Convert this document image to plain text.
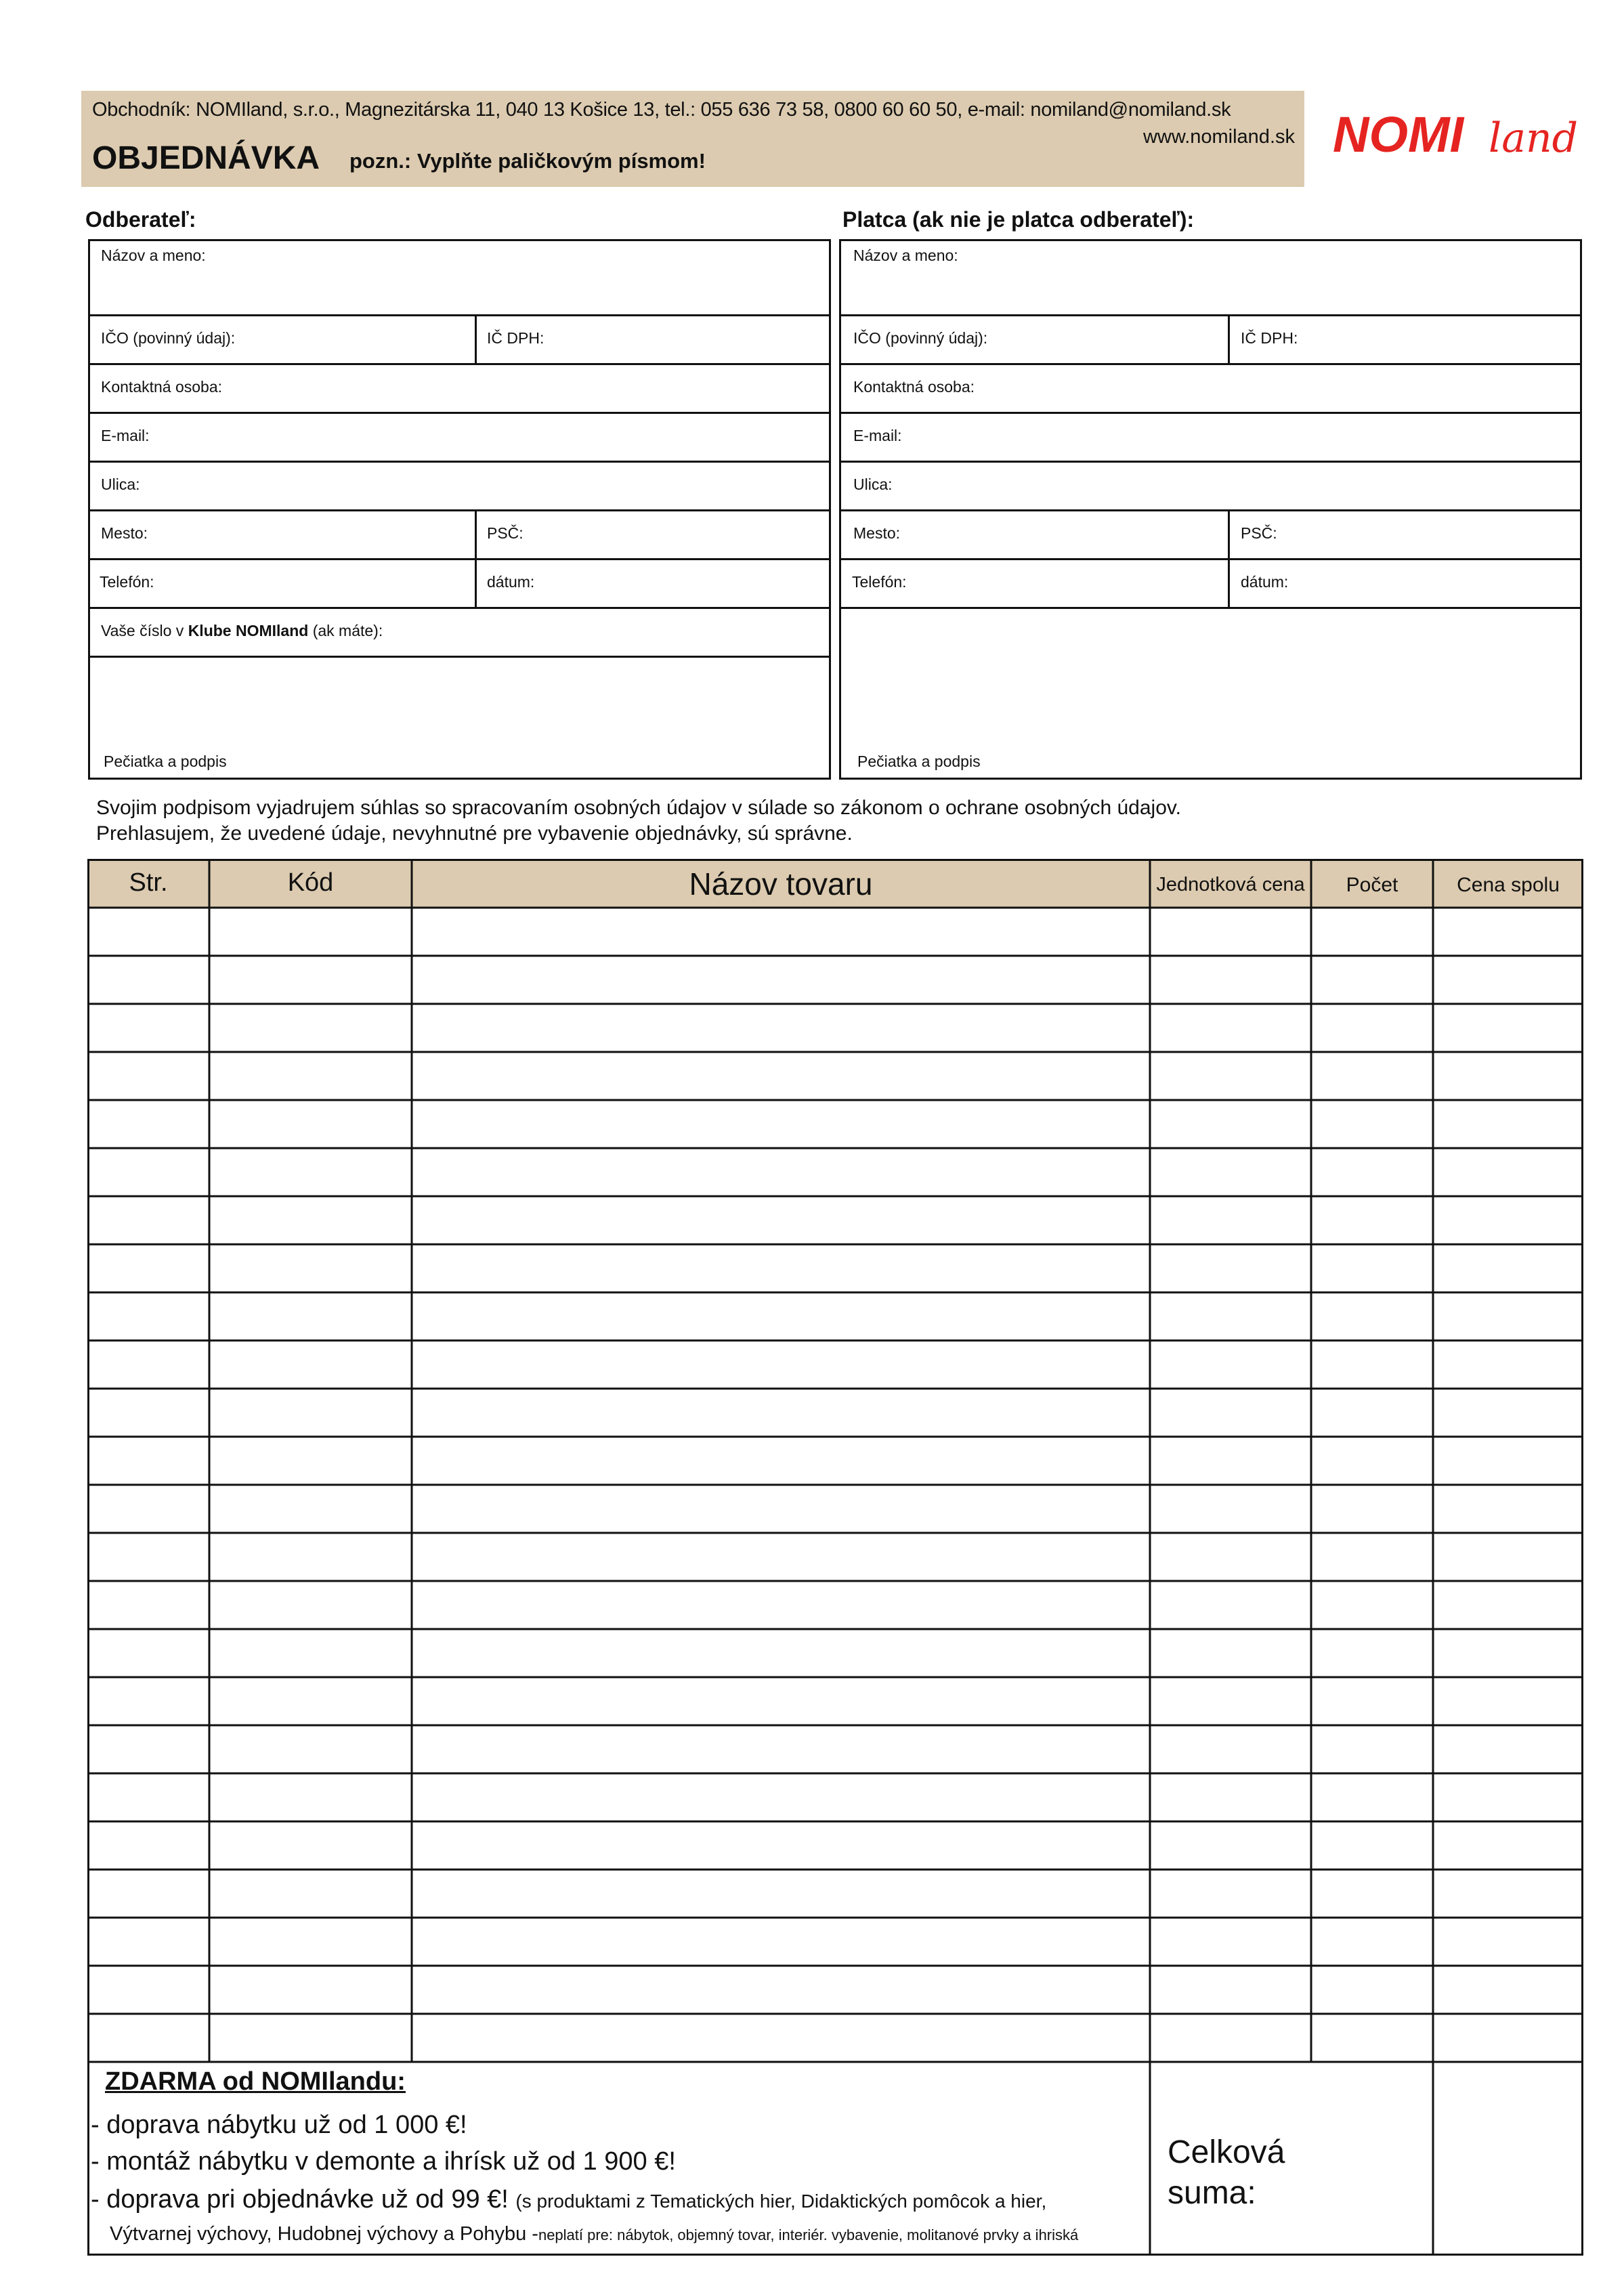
Obchodník: NOMIland, s.r.o., Magnezitárska 11, 040 13 Košice 13, tel.: 055 636 73 58, 0800 60 60 50, e-mail: nomiland@nomiland.sk
www.nomiland.sk
OBJEDNÁVKA pozn.: Vyplňte paličkovým písmom!	NOMI land
Odberateľ:	Platca (ak nie je platca odberateľ):
Názov a meno:
IČO (povinný údaj):	IČ DPH:
Kontaktná osoba:
E-mail:
Ulica:
Mesto:	PSČ:
Telefón:	dátum:
Vaše číslo v Klube NOMIland (ak máte):
Pečiatka a podpis
Názov a meno:
IČO (povinný údaj):	IČ DPH:
Kontaktná osoba:
E-mail:
Ulica:
Mesto:	PSČ:
Telefón:	dátum:
Pečiatka a podpis
Svojim podpisom vyjadrujem súhlas so spracovaním osobných údajov v súlade so zákonom o ochrane osobných údajov.
Prehlasujem, že uvedené údaje, nevyhnutné pre vybavenie objednávky, sú správne.
Str.	Kód	Názov tovaru	Jednotková cena	Počet	Cena spolu
ZDARMA od NOMIlandu:
- doprava nábytku už od 1 000 €!
- montáž nábytku v demonte a ihrísk už od 1 900 €!
- doprava pri objednávke už od 99 €! (s produktami z Tematických hier, Didaktických pomôcok a hier,
Výtvarnej výchovy, Hudobnej výchovy a Pohybu -neplatí pre: nábytok, objemný tovar, interiér. vybavenie, molitanové prvky a ihriská
Celková
suma:
